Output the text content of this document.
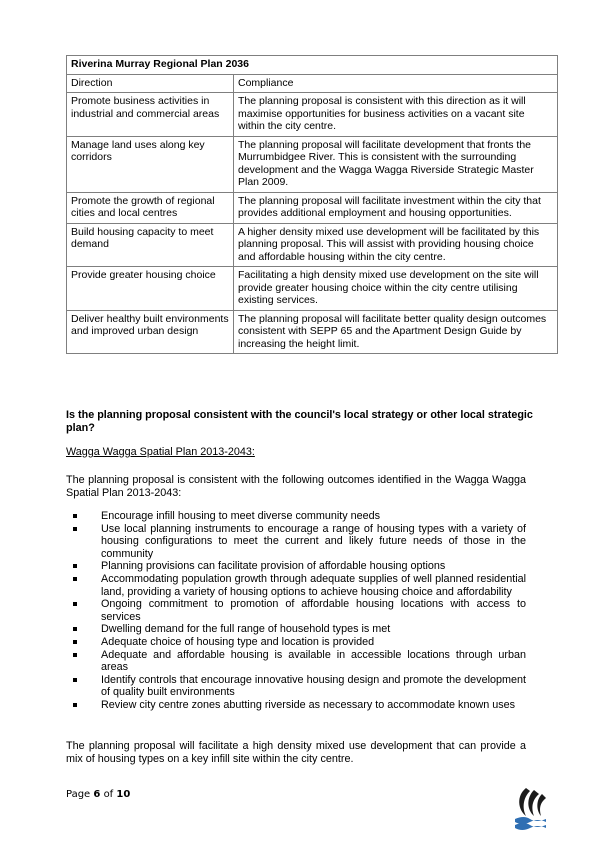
Riverina Murray Regional Plan 2036	
Direction	Compliance
Promote business activities in industrial and commercial areas	The planning proposal is consistent with this direction as it will maximise opportunities for business activities on a vacant site within the city centre.
Manage land uses along key corridors	The planning proposal will facilitate development that fronts the Murrumbidgee River. This is consistent with the surrounding development and the Wagga Wagga Riverside Strategic Master Plan 2009.
Promote the growth of regional cities and local centres	The planning proposal will facilitate investment within the city that provides additional employment and housing opportunities.
Build housing capacity to meet demand	A higher density mixed use development will be facilitated by this planning proposal. This will assist with providing housing choice and affordable housing within the city centre.
Provide greater housing choice	Facilitating a high density mixed use development on the site will provide greater housing choice within the city centre utilising existing services.
Deliver healthy built environments and improved urban design	The planning proposal will facilitate better quality design outcomes consistent with SEPP 65 and the Apartment Design Guide by increasing the height limit.
Is the planning proposal consistent with the council's local strategy or other local strategic plan?
Wagga Wagga Spatial Plan 2013-2043:
The planning proposal is consistent with the following outcomes identified in the Wagga Wagga Spatial Plan 2013-2043:
Encourage infill housing to meet diverse community needs
Use local planning instruments to encourage a range of housing types with a variety of housing configurations to meet the current and likely future needs of those in the community
Planning provisions can facilitate provision of affordable housing options
Accommodating population growth through adequate supplies of well planned residential land, providing a variety of housing options to achieve housing choice and affordability
Ongoing commitment to promotion of affordable housing locations with access to services
Dwelling demand for the full range of household types is met
Adequate choice of housing type and location is provided
Adequate and affordable housing is available in accessible locations through urban areas
Identify controls that encourage innovative housing design and promote the development of quality built environments
Review city centre zones abutting riverside as necessary to accommodate known uses
The planning proposal will facilitate a high density mixed use development that can provide a mix of housing types on a key infill site within the city centre.
Page 6 of 10
